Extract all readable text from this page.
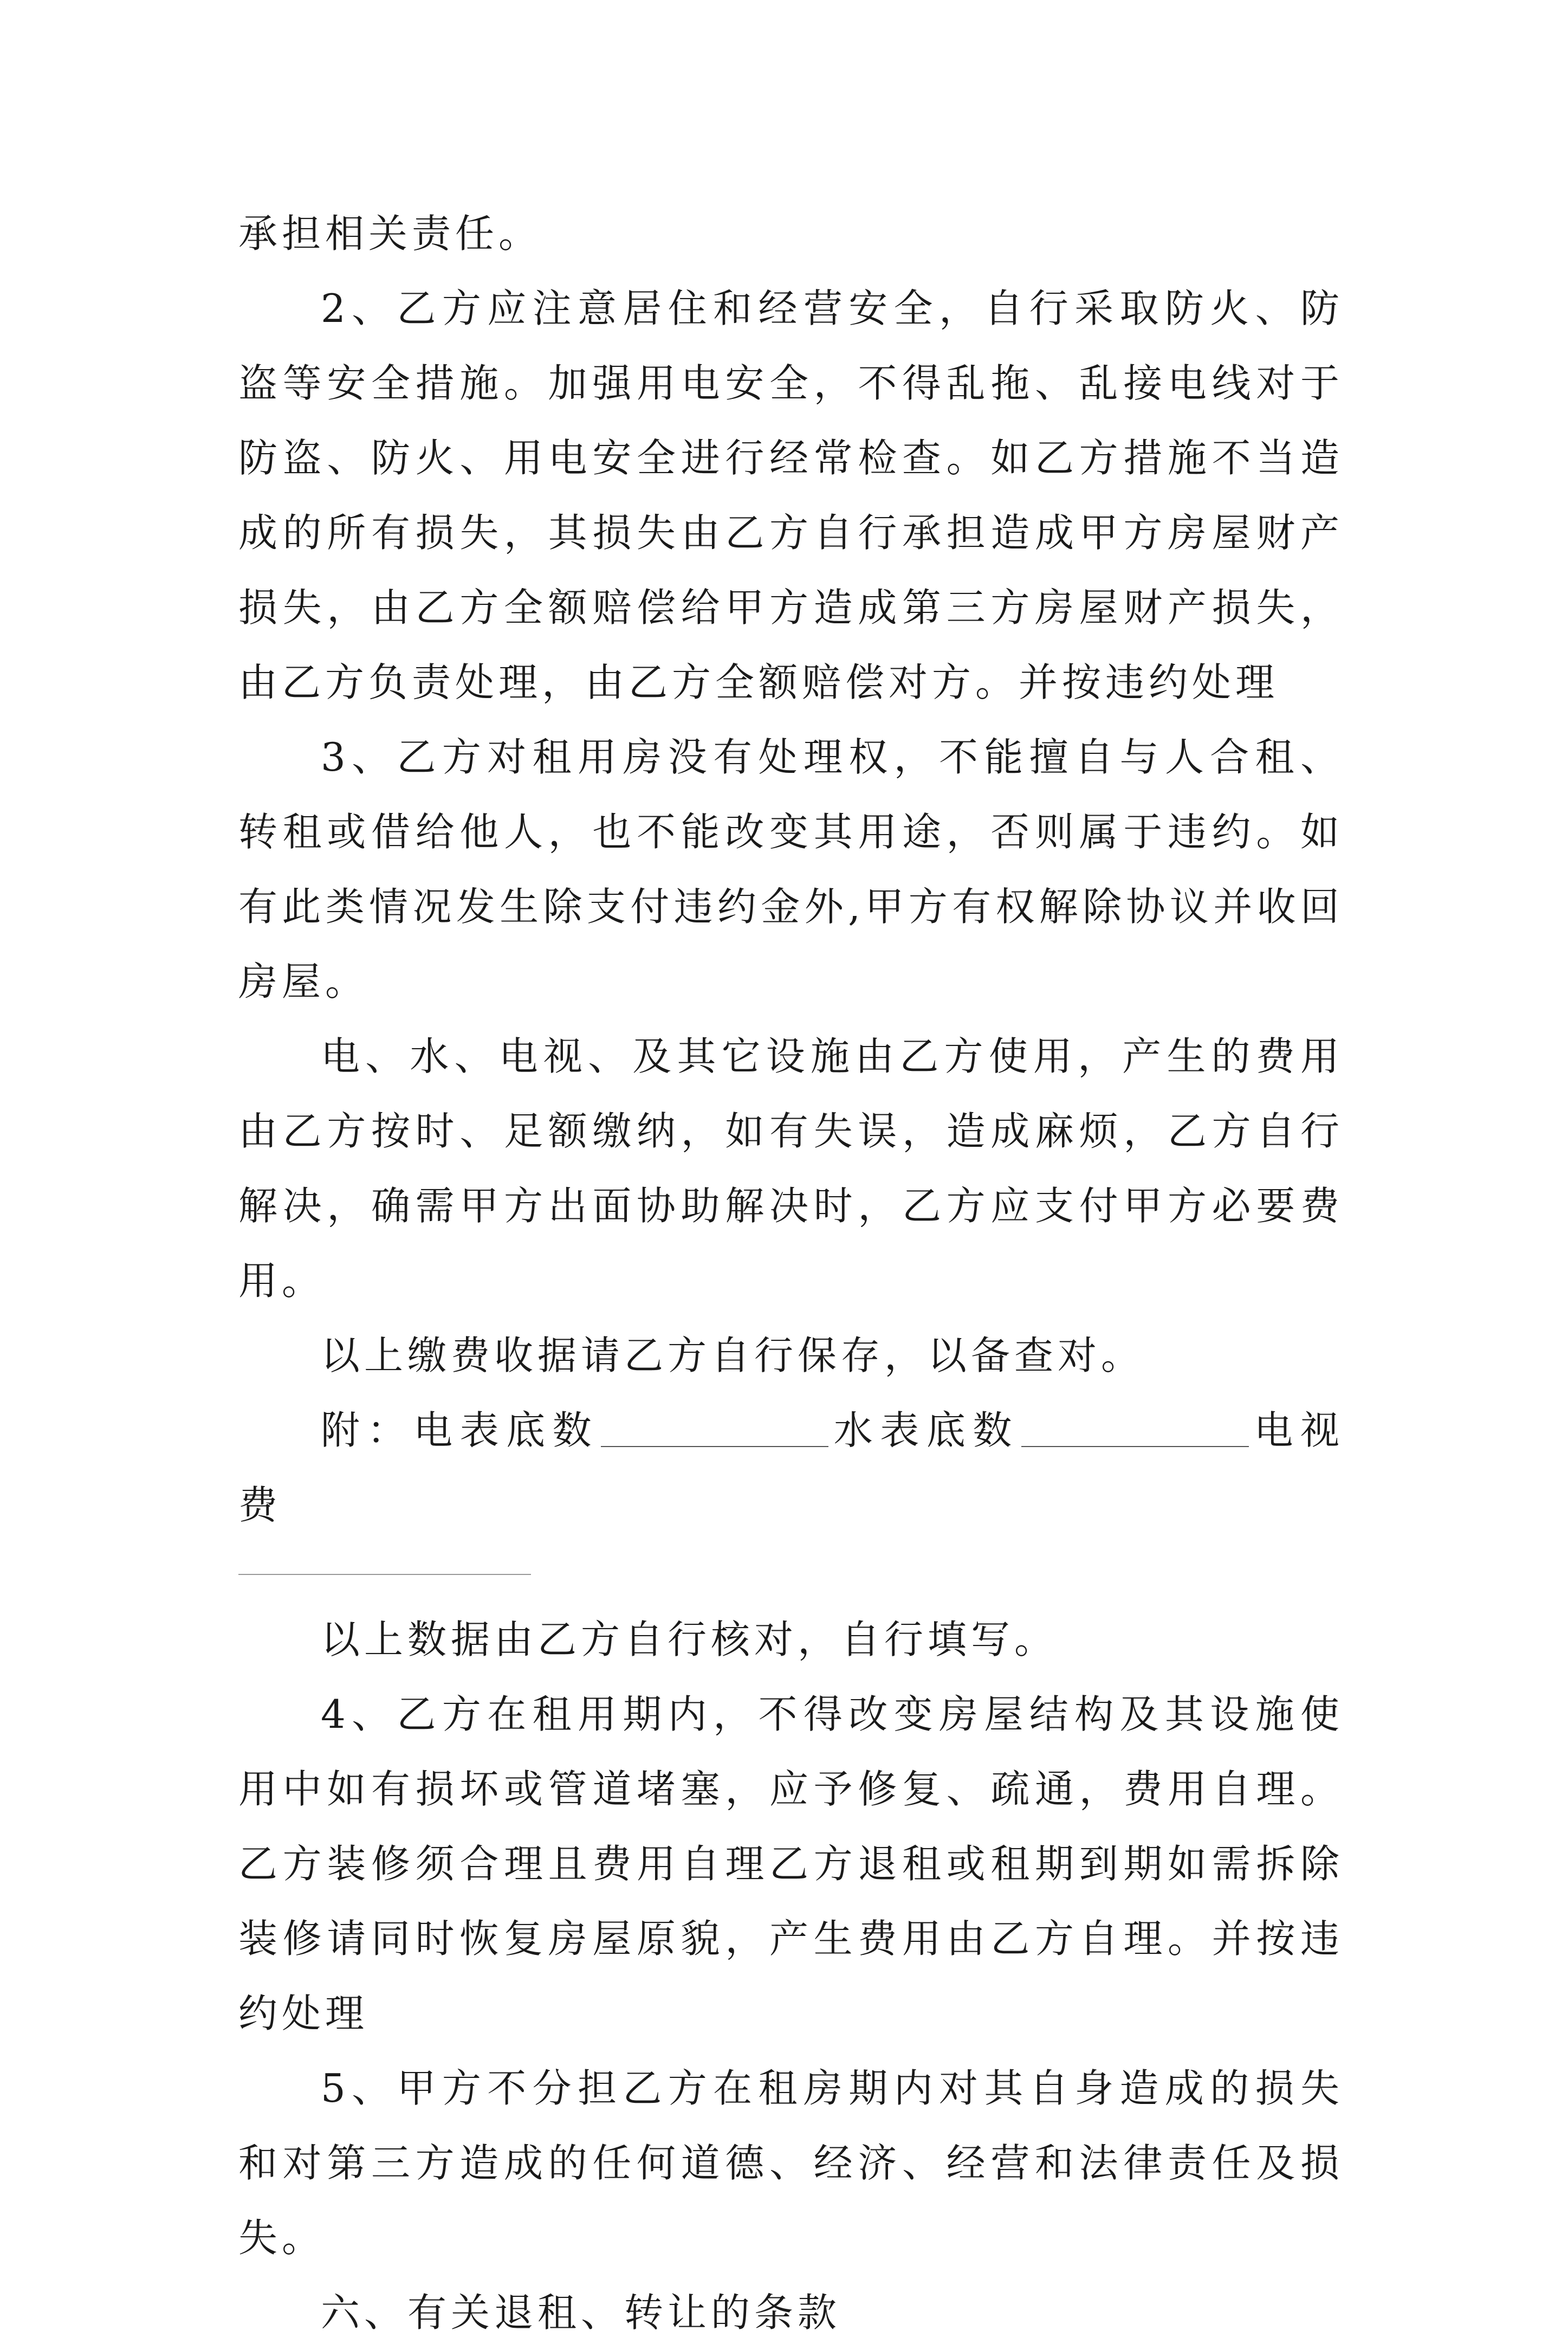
承担相关责任。

2、乙方应注意居住和经营安全，自行采取防火、防盗等安全措施。加强用电安全，不得乱拖、乱接电线对于防盗、防火、用电安全进行经常检查。如乙方措施不当造成的所有损失，其损失由乙方自行承担造成甲方房屋财产损失，由乙方全额赔偿给甲方造成第三方房屋财产损失，由乙方负责处理，由乙方全额赔偿对方。并按违约处理

3、乙方对租用房没有处理权，不能擅自与人合租、转租或借给他人，也不能改变其用途，否则属于违约。如有此类情况发生除支付违约金外,甲方有权解除协议并收回房屋。

电、水、电视、及其它设施由乙方使用，产生的费用由乙方按时、足额缴纳，如有失误，造成麻烦，乙方自行解决，确需甲方出面协助解决时，乙方应支付甲方必要费用。

以上缴费收据请乙方自行保存，以备查对。

附：电表底数	水表底数	电视费

以上数据由乙方自行核对，自行填写。

4、乙方在租用期内，不得改变房屋结构及其设施使用中如有损坏或管道堵塞，应予修复、疏通，费用自理。乙方装修须合理且费用自理乙方退租或租期到期如需拆除装修请同时恢复房屋原貌，产生费用由乙方自理。并按违约处理

5、甲方不分担乙方在租房期内对其自身造成的损失和对第三方造成的任何道德、经济、经营和法律责任及损失。

六、有关退租、转让的条款
